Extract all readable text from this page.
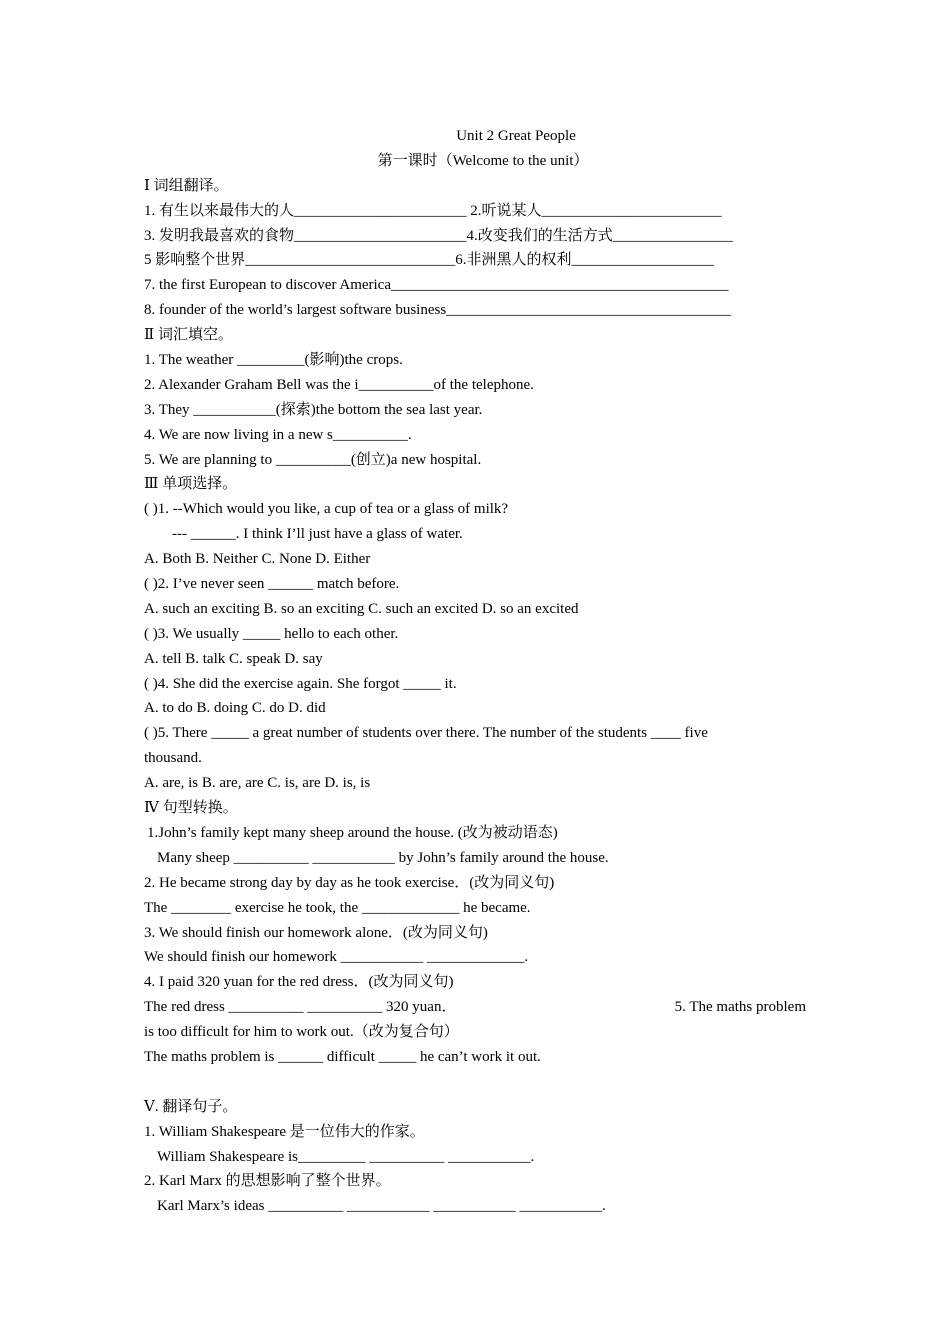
Unit 2 Great People
第一课时（Welcome to the unit）
Ⅰ 词组翻译。
1. 有生以来最伟大的人_______________________ 2.听说某人________________________
3. 发明我最喜欢的食物_______________________4.改变我们的生活方式________________
5 影响整个世界____________________________6.非洲黑人的权利___________________
7. the first European to discover America_____________________________________________
8. founder of the world’s largest software business______________________________________
Ⅱ 词汇填空。
1. The weather _________(影响)the crops.
2. Alexander Graham Bell was the i__________of the telephone.
3. They ___________(探索)the bottom the sea last year.
4. We are now living in a new s__________.
5. We are planning to __________(创立)a new hospital.
Ⅲ 单项选择。
( )1. --Which would you like, a cup of tea or a glass of milk?
--- ______. I think I’ll just have a glass of water.
A. Both B. Neither C. None D. Either
( )2. I’ve never seen ______ match before.
A. such an exciting B. so an exciting C. such an excited D. so an excited
( )3. We usually _____ hello to each other.
A. tell B. talk C. speak D. say
( )4. She did the exercise again. She forgot _____ it.
A. to do B. doing C. do D. did
( )5. There _____ a great number of students over there. The number of the students ____ five
thousand.
A. are, is B. are, are C. is, are D. is, is
Ⅳ 句型转换。
1.John’s family kept many sheep around the house. (改为被动语态)
Many sheep __________ ___________ by John’s family around the house.
2. He became strong day by day as he took exercise．(改为同义句)
The ________ exercise he took, the _____________ he became.
3. We should finish our homework alone．(改为同义句)
We should finish our homework ___________ _____________.
4. I paid 320 yuan for the red dress．(改为同义句)
The red dress __________ __________ 320 yuan．	5. The maths problem
is too difficult for him to work out.（改为复合句）
The maths problem is ______ difficult _____ he can’t work it out.
Ⅴ. 翻译句子。
1. William Shakespeare 是一位伟大的作家。
William Shakespeare is_________ __________ ___________.
2. Karl Marx 的思想影响了整个世界。
Karl Marx’s ideas __________ ___________ ___________ ___________.
